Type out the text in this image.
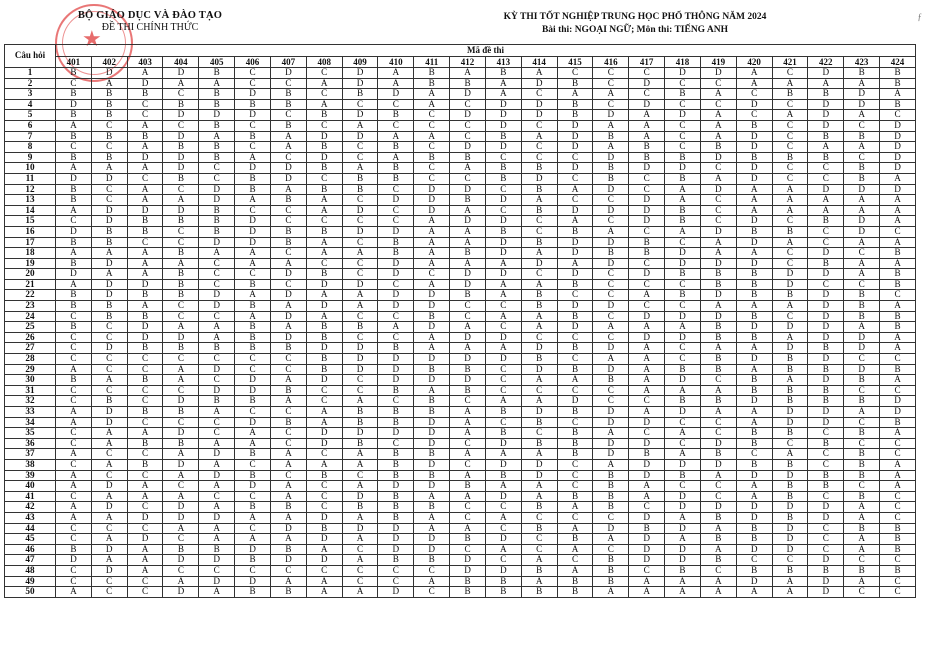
★
BỘ GIÁO DỤC VÀ ĐÀO TẠO
ĐỀ THI CHÍNH THỨC
KỲ THI TỐT NGHIỆP TRUNG HỌC PHỔ THÔNG NĂM 2024
Bài thi: NGOẠI NGỮ; Môn thi: TIẾNG ANH
ƒ
Câu hỏi	Mã đề thi																							
	401	402	403	404	405	406	407	408	409	410	411	412	413	414	415	416	417	418	419	420	421	422	423	424
1	B	D	A	D	B	C	D	C	D	A	B	A	B	A	C	C	C	D	D	A	C	D	B	B
2	C	A	D	A	A	C	C	A	D	A	B	B	A	D	B	C	D	C	C	A	A	A	A	B
3	B	B	B	C	B	D	B	C	B	D	A	D	A	C	A	A	C	B	A	C	B	B	D	A
4	D	B	C	B	B	B	B	A	C	C	A	C	D	D	B	C	D	C	C	D	C	D	D	B
5	B	B	C	D	D	D	C	B	D	B	C	D	D	D	B	D	A	D	A	C	A	D	A	C
6	A	C	A	C	B	C	B	C	A	C	C	C	D	C	D	A	A	C	A	B	C	D	C	D
7	B	B	B	D	A	B	A	D	D	A	A	C	B	A	D	B	A	C	A	D	C	B	B	D
8	C	C	A	B	B	C	A	B	C	B	C	D	D	C	D	A	B	C	B	D	C	A	A	D
9	B	B	D	D	B	A	C	D	C	A	B	B	C	C	C	D	B	B	D	B	B	B	C	D
10	A	A	A	D	C	D	D	B	A	B	C	A	B	B	D	B	D	D	C	D	C	C	B	D
11	D	D	C	B	C	B	D	C	B	B	C	C	B	D	C	B	C	B	A	D	C	C	B	A
12	B	C	A	C	D	B	A	B	B	C	D	D	C	B	A	D	C	A	D	A	A	D	D	D
13	B	C	A	A	D	A	B	A	C	D	D	B	D	A	C	C	D	A	C	A	A	A	A	A
14	A	D	D	D	B	C	C	A	D	C	D	A	C	B	D	D	D	B	C	A	A	A	A	A
15	C	D	B	B	B	D	C	C	C	C	A	D	D	C	A	C	D	B	C	D	C	B	D	A
16	D	B	B	C	B	D	B	B	D	D	A	A	B	C	B	A	C	A	D	B	B	C	D	C
17	B	B	C	C	D	D	B	A	C	B	A	A	D	B	D	D	B	C	A	D	A	C	A	A
18	A	A	A	B	A	A	C	A	A	B	A	B	D	A	D	B	B	D	A	A	C	D	C	B
19	B	D	A	A	C	A	A	C	C	D	A	A	A	D	A	D	C	D	D	D	C	B	A	A
20	D	A	A	B	C	C	D	B	C	D	C	D	D	C	D	C	D	B	B	B	D	D	A	B
21	A	D	D	B	C	B	C	D	D	C	A	D	A	A	B	C	C	C	B	B	D	C	C	B
22	B	D	B	B	D	A	D	A	A	D	D	B	A	B	C	C	A	B	D	B	B	D	B	C
23	B	B	A	C	D	B	A	D	A	D	D	C	C	B	D	D	C	C	A	A	A	D	B	A
24	C	B	B	C	C	A	D	A	C	C	B	C	A	A	B	C	D	D	D	B	C	D	B	B
25	B	C	D	A	A	B	A	B	B	A	D	A	C	A	D	A	A	A	B	D	D	D	A	B
26	C	C	D	D	A	B	D	B	C	C	A	D	D	C	C	C	D	D	B	B	A	D	D	A
27	C	D	B	B	B	B	B	D	D	B	A	A	A	D	B	D	A	C	A	A	D	B	D	A
28	C	C	C	C	C	C	C	B	D	D	D	D	D	B	C	A	A	C	B	D	B	D	C	C
29	A	C	C	A	D	C	C	B	D	D	B	B	C	D	B	D	A	B	B	A	B	B	D	B
30	B	A	B	A	C	D	A	D	C	D	D	D	C	A	A	B	A	D	C	B	A	D	B	A
31	C	C	C	C	D	D	B	C	C	B	A	B	C	C	C	C	A	A	A	B	B	B	C	C
32	C	B	C	D	B	B	A	C	A	C	B	C	A	A	D	C	C	B	B	D	B	B	B	D
33	A	D	B	B	A	C	C	A	B	B	B	A	B	D	B	D	A	D	A	A	D	D	A	D
34	A	D	C	C	C	D	B	A	B	B	D	A	C	B	C	D	D	C	C	A	D	D	C	B
35	C	A	A	D	C	A	C	D	D	D	D	A	B	C	B	A	C	A	C	B	B	C	B	A
36	C	A	B	B	A	A	C	D	B	C	D	C	D	B	B	D	D	C	D	B	C	B	C	C
37	A	C	C	A	D	B	A	C	A	B	B	A	A	A	B	D	B	A	B	C	A	C	B	C
38	C	A	B	D	A	C	A	A	A	B	D	C	D	D	C	A	D	D	D	B	B	C	B	A
39	A	C	C	A	D	B	C	B	C	B	B	A	B	D	C	B	D	B	A	D	D	B	B	A
40	A	D	A	C	A	D	A	C	A	D	D	B	A	A	C	B	A	C	C	A	B	B	C	A
41	C	A	A	A	C	C	A	C	D	B	A	A	D	A	B	B	A	D	C	A	B	C	B	C
42	A	D	C	D	A	B	B	C	B	B	B	C	C	B	A	B	C	D	D	D	D	D	A	C
43	A	A	D	D	D	A	A	D	A	B	A	C	A	C	C	C	D	A	B	D	B	D	A	C
44	C	C	C	A	A	C	D	B	D	D	A	A	C	B	A	D	B	D	A	B	D	C	B	B
45	C	A	D	C	A	A	A	D	A	D	D	B	D	C	B	A	D	A	B	B	D	C	A	B
46	B	D	A	B	B	D	B	A	C	D	D	C	A	C	A	C	D	D	A	D	D	C	A	B
47	D	A	A	D	D	B	D	D	A	B	B	D	C	A	C	B	D	D	B	C	C	D	C	C
48	C	D	A	C	C	C	C	C	C	C	C	D	D	B	A	B	C	B	C	B	B	B	B	B
49	C	C	C	A	D	D	A	A	C	C	A	B	B	A	B	B	A	A	A	D	A	D	A	C
50	A	C	C	D	A	B	B	A	A	D	C	B	B	B	B	A	A	A	A	A	A	D	C	C
